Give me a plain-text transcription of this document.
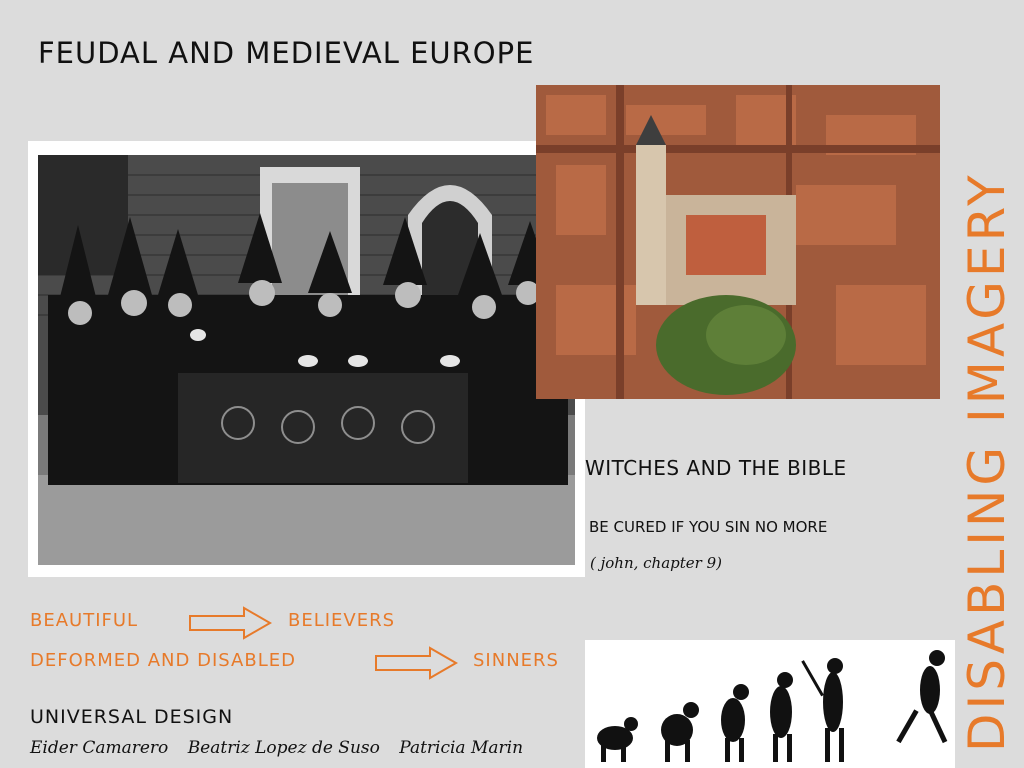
FEUDAL AND MEDIEVAL EUROPE
DISABLING IMAGERY
WITCHES AND THE BIBLE
BE CURED IF YOU SIN NO MORE
( john, chapter 9)
BEAUTIFUL	BELIEVERS
DEFORMED AND DISABLED	SINNERS
UNIVERSAL DESIGN
Eider Camarero Beatriz Lopez de Suso Patricia Marin
